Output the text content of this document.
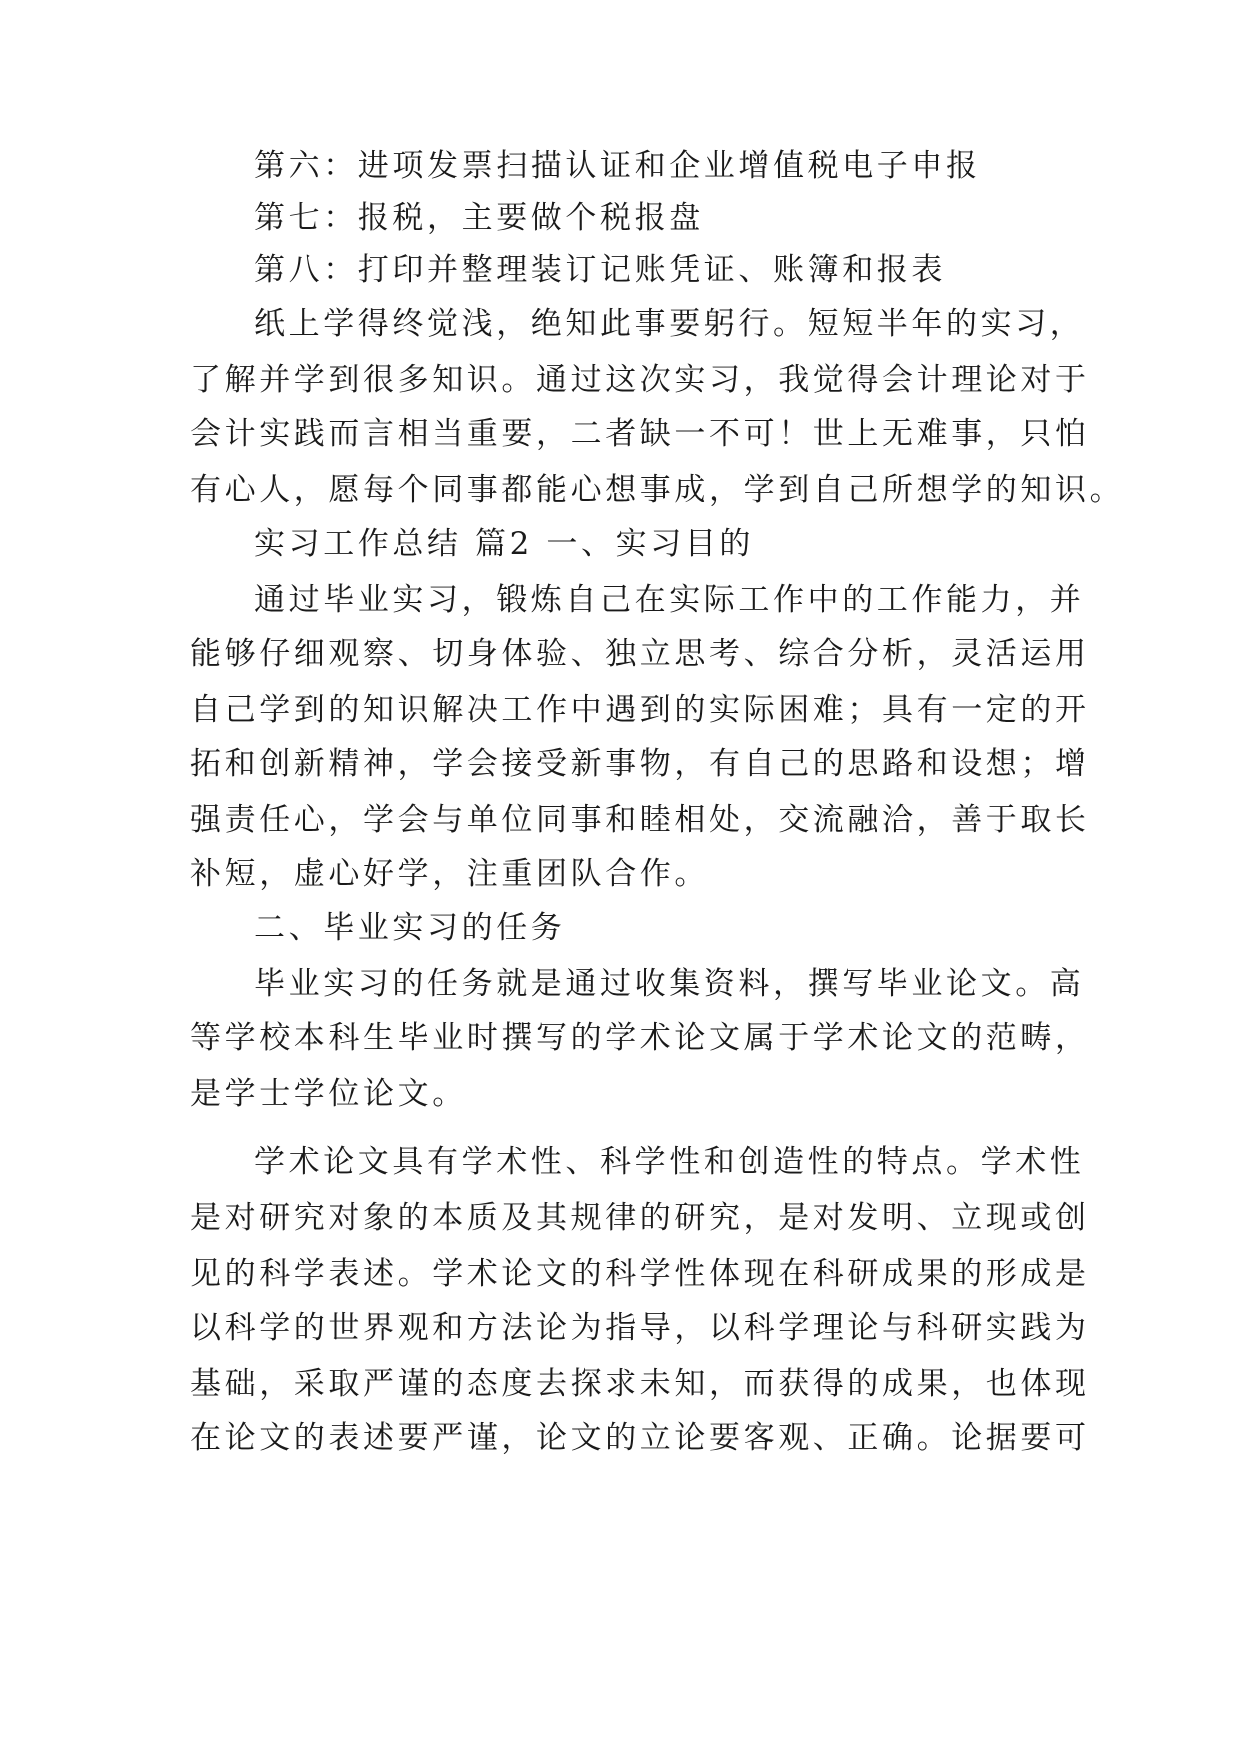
第六：进项发票扫描认证和企业增值税电子申报
第七：报税，主要做个税报盘
第八：打印并整理装订记账凭证、账簿和报表
纸上学得终觉浅，绝知此事要躬行。短短半年的实习，
了解并学到很多知识。通过这次实习，我觉得会计理论对于
会计实践而言相当重要，二者缺一不可！世上无难事，只怕
有心人，愿每个同事都能心想事成，学到自己所想学的知识。
实习工作总结 篇2 一、实习目的
通过毕业实习，锻炼自己在实际工作中的工作能力，并
能够仔细观察、切身体验、独立思考、综合分析，灵活运用
自己学到的知识解决工作中遇到的实际困难；具有一定的开
拓和创新精神，学会接受新事物，有自己的思路和设想；增
强责任心，学会与单位同事和睦相处，交流融洽，善于取长
补短，虚心好学，注重团队合作。
二、毕业实习的任务
毕业实习的任务就是通过收集资料，撰写毕业论文。高
等学校本科生毕业时撰写的学术论文属于学术论文的范畴，
是学士学位论文。
学术论文具有学术性、科学性和创造性的特点。学术性
是对研究对象的本质及其规律的研究，是对发明、立现或创
见的科学表述。学术论文的科学性体现在科研成果的形成是
以科学的世界观和方法论为指导，以科学理论与科研实践为
基础，采取严谨的态度去探求未知，而获得的成果，也体现
在论文的表述要严谨，论文的立论要客观、正确。论据要可
